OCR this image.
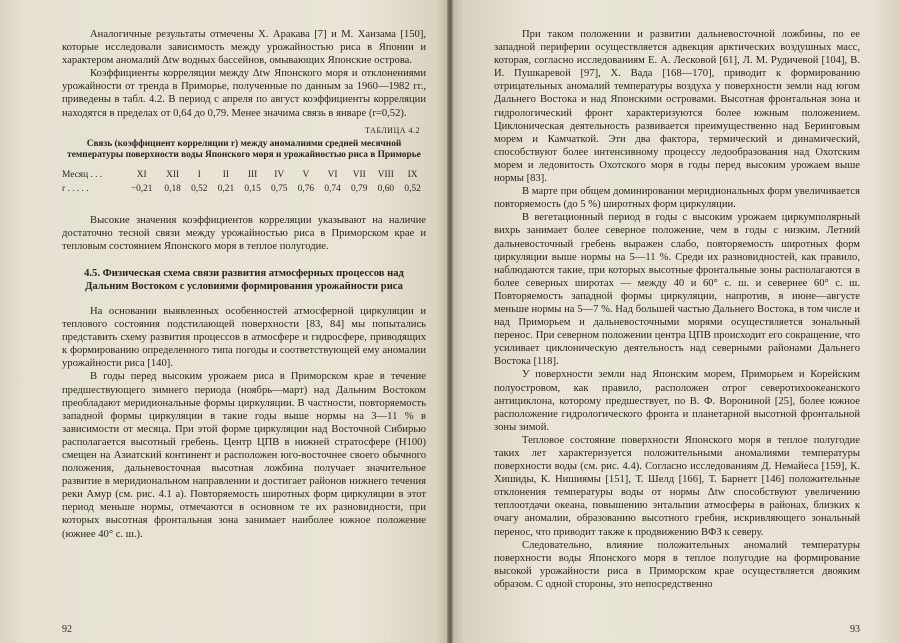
Аналогичные результаты отмечены Х. Аракава [7] и М. Ханзама [150], которые исследовали зависимость между урожайностью риса в Японии и характером аномалий Δtw водных бассейнов, омывающих Японские острова.

Коэффициенты корреляции между Δtw Японского моря и отклонениями урожайности от тренда в Приморье, полученные по данным за 1960—1982 гг., приведены в табл. 4.2. В период с апреля по август коэффициенты корреляции находятся в пределах от 0,64 до 0,79. Менее значима связь в январе (r=0,52).

ТАБЛИЦА 4.2
Связь (коэффициент корреляции r) между аномалиями средней месячной температуры поверхности воды Японского моря и урожайностью риса в Приморье
Месяц . . .	XI	XII	I	II	III	IV	V	VI	VII	VIII	IX
r . . . . .	−0,21	0,18	0,52	0,21	0,15	0,75	0,76	0,74	0,79	0,60	0,52

Высокие значения коэффициентов корреляции указывают на наличие достаточно тесной связи между урожайностью риса в Приморском крае и тепловым состоянием Японского моря в теплое полугодие.

4.5. Физическая схема связи развития атмосферных процессов над Дальним Востоком с условиями формирования урожайности риса

На основании выявленных особенностей атмосферной циркуляции и теплового состояния подстилающей поверхности [83, 84] мы попытались представить схему развития процессов в атмосфере и гидросфере, приводящих к формированию определенного типа погоды и соответствующей ему аномалии урожайности риса [140].

В годы перед высоким урожаем риса в Приморском крае в течение предшествующего зимнего периода (ноябрь—март) над Дальним Востоком преобладают меридиональные формы циркуляции. В частности, повторяемость западной формы циркуляции в такие годы выше нормы на 3—11 % в зависимости от месяца. При этой форме циркуляции над Восточной Сибирью располагается высотный гребень. Центр ЦПВ в нижней стратосфере (H100) смещен на Азиатский континент и расположен юго-восточнее своего обычного положения, дальневосточная высотная ложбина получает значительное развитие в меридиональном направлении и достигает районов нижнего течения реки Амур (см. рис. 4.1 а). Повторяемость широтных форм циркуляции в этот период меньше нормы, отмечаются в основном те их разновидности, при которых высотная фронтальная зона занимает наиболее южное положение (южнее 40° с. ш.).

92

При таком положении и развитии дальневосточной ложбины, по ее западной периферии осуществляется адвекция арктических воздушных масс, которая, согласно исследованиям Е. А. Лесковой [61], Л. М. Рудичевой [104], В. И. Пушкаревой [97], Х. Вада [168—170], приводит к формированию отрицательных аномалий температуры воздуха у поверхности земли над югом Дальнего Востока и над Японскими островами. Высотная фронтальная зона и гидрологический фронт характеризуются более южным положением. Циклоническая деятельность развивается преимущественно над Беринговым морем и Камчаткой. Эти два фактора, термический и динамический, способствуют более интенсивному процессу ледообразования над Охотским морем и ледовитость Охотского моря в годы перед высоким урожаем выше нормы [83].

В марте при общем доминировании меридиональных форм увеличивается повторяемость (до 5 %) широтных форм циркуляции.

В вегетационный период в годы с высоким урожаем циркумполярный вихрь занимает более северное положение, чем в годы с низким. Летний дальневосточный гребень выражен слабо, повторяемость широтных форм циркуляции выше нормы на 5—11 %. Среди их разновидностей, как правило, наблюдаются такие, при которых высотные фронтальные зоны располагаются в более северных широтах — между 40 и 60° с. ш. и севернее 60° с. ш. Повторяемость западной формы циркуляции, напротив, в июне—августе меньше нормы на 5—7 %. Над большей частью Дальнего Востока, в том числе и над Приморьем и дальневосточными морями осуществляется зональный перенос. При северном положении центра ЦПВ происходит его сокращение, что усиливает циклоническую деятельность над северными районами Дальнего Востока [118].

У поверхности земли над Японским морем, Приморьем и Корейским полуостровом, как правило, расположен отрог северотихоокеанского антициклона, которому предшествует, по В. Ф. Ворониной [25], более южное расположение гидрологического фронта и планетарной высотной фронтальной зоны зимой.

Тепловое состояние поверхности Японского моря в теплое полугодие таких лет характеризуется положительными аномалиями температуры поверхности воды (см. рис. 4.4). Согласно исследованиям Д. Немайеса [159], К. Хишиды, К. Нишиямы [151], Т. Шелд [166], Т. Барнетт [146] положительные отклонения температуры воды от нормы Δtw способствуют увеличению теплоотдачи океана, повышению энтальпии атмосферы в районах, близких к очагу аномалии, образованию высотного гребня, искривляющего зональный перенос, что приводит также к продвижению ВФЗ к северу.

Следовательно, влияние положительных аномалий температуры поверхности воды Японского моря в теплое полугодие на формирование высокой урожайности риса в Приморском крае осуществляется двояким образом. С одной стороны, это непосредственно

93
